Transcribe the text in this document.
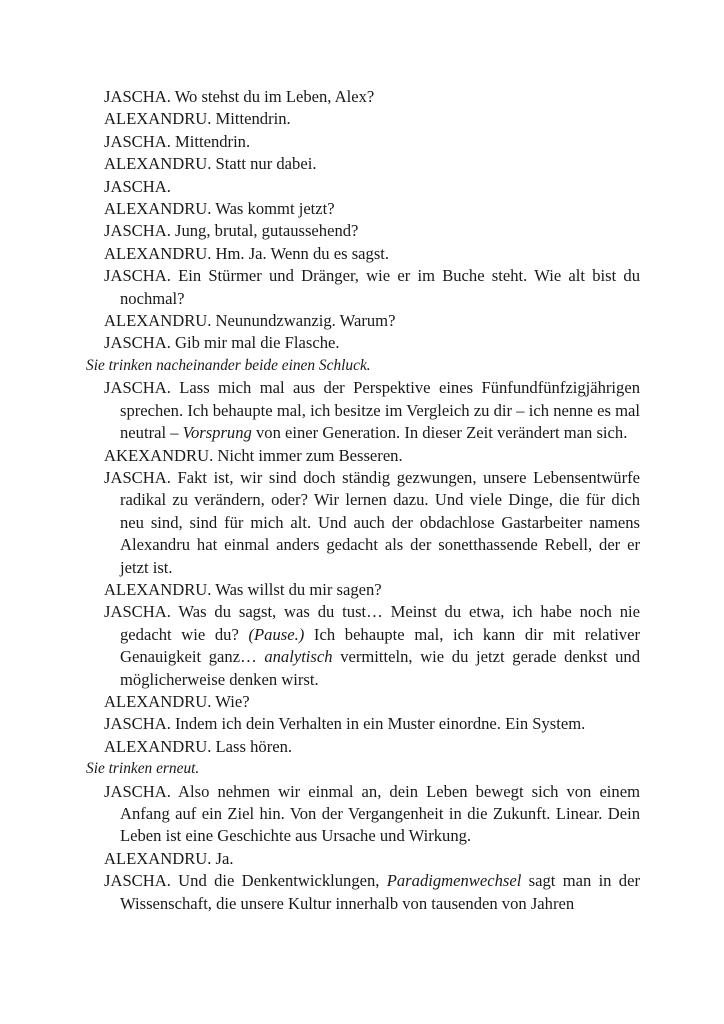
JASCHA. Wo stehst du im Leben, Alex?

ALEXANDRU. Mittendrin.

JASCHA. Mittendrin.

ALEXANDRU. Statt nur dabei.

JASCHA.

ALEXANDRU. Was kommt jetzt?

JASCHA. Jung, brutal, gutaussehend?

ALEXANDRU. Hm. Ja. Wenn du es sagst.

JASCHA. Ein Stürmer und Dränger, wie er im Buche steht. Wie alt bist du nochmal?

ALEXANDRU. Neunundzwanzig. Warum?

JASCHA. Gib mir mal die Flasche.

Sie trinken nacheinander beide einen Schluck.

JASCHA. Lass mich mal aus der Perspektive eines Fünfundfünfzigjährigen sprechen. Ich behaupte mal, ich besitze im Vergleich zu dir – ich nenne es mal neutral – Vorsprung von einer Generation. In dieser Zeit verändert man sich.

AKEXANDRU. Nicht immer zum Besseren.

JASCHA. Fakt ist, wir sind doch ständig gezwungen, unsere Lebensentwürfe radikal zu verändern, oder? Wir lernen dazu. Und viele Dinge, die für dich neu sind, sind für mich alt. Und auch der obdachlose Gastarbeiter namens Alexandru hat einmal anders gedacht als der sonetthassende Rebell, der er jetzt ist.

ALEXANDRU. Was willst du mir sagen?

JASCHA. Was du sagst, was du tust… Meinst du etwa, ich habe noch nie gedacht wie du? (Pause.) Ich behaupte mal, ich kann dir mit relativer Genauigkeit ganz… analytisch vermitteln, wie du jetzt gerade denkst und möglicherweise denken wirst.

ALEXANDRU. Wie?

JASCHA. Indem ich dein Verhalten in ein Muster einordne. Ein System.

ALEXANDRU. Lass hören.

Sie trinken erneut.

JASCHA. Also nehmen wir einmal an, dein Leben bewegt sich von einem Anfang auf ein Ziel hin. Von der Vergangenheit in die Zukunft. Linear. Dein Leben ist eine Geschichte aus Ursache und Wirkung.

ALEXANDRU. Ja.

JASCHA. Und die Denkentwicklungen, Paradigmenwechsel sagt man in der Wissenschaft, die unsere Kultur innerhalb von tausenden von Jahren
